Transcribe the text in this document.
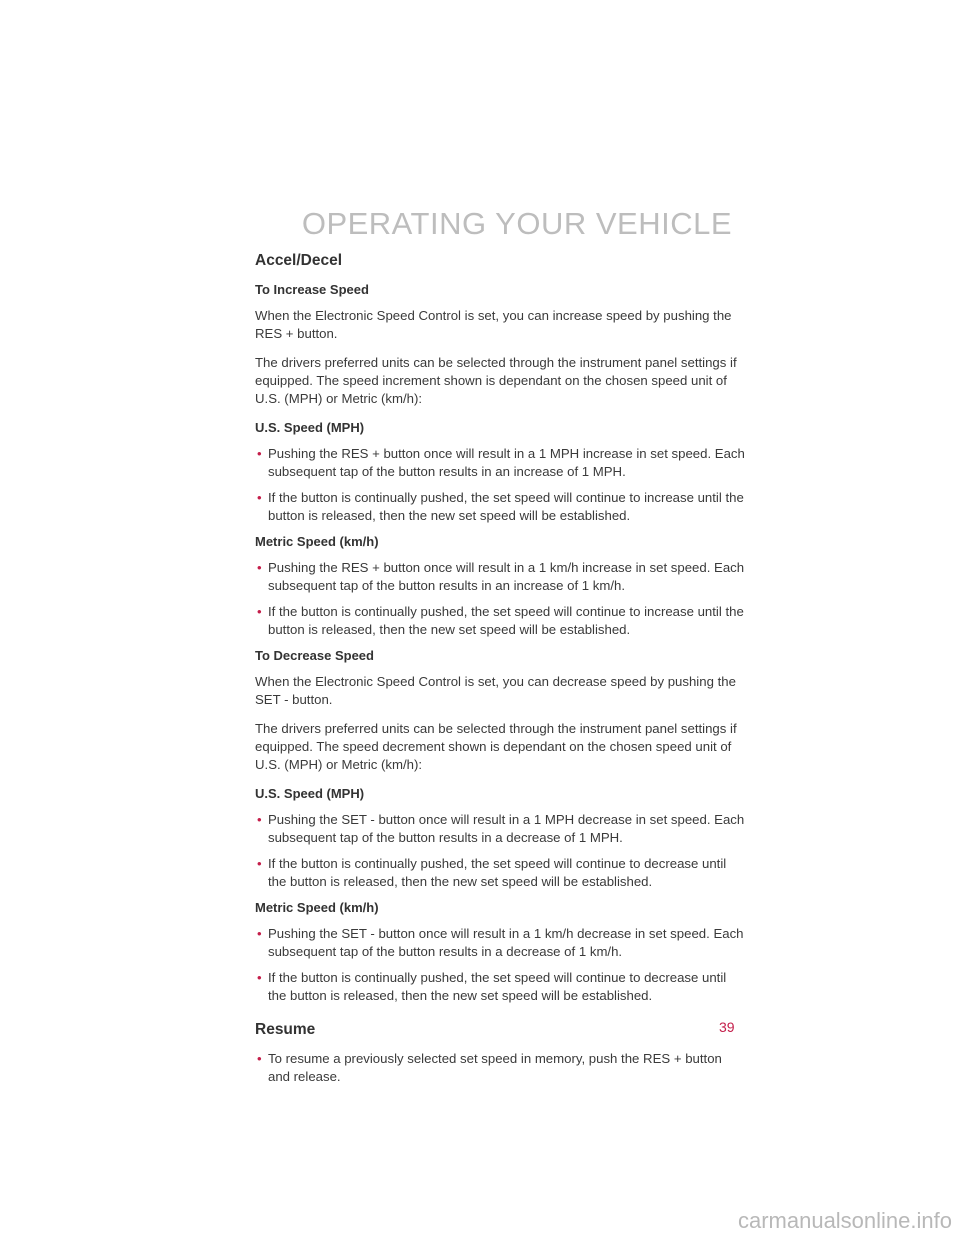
OPERATING YOUR VEHICLE
Accel/Decel
To Increase Speed

When the Electronic Speed Control is set, you can increase speed by pushing the RES + button.

The drivers preferred units can be selected through the instrument panel settings if equipped. The speed increment shown is dependant on the chosen speed unit of U.S. (MPH) or Metric (km/h):

U.S. Speed (MPH)
• Pushing the RES + button once will result in a 1 MPH increase in set speed. Each subsequent tap of the button results in an increase of 1 MPH.
• If the button is continually pushed, the set speed will continue to increase until the button is released, then the new set speed will be established.
Metric Speed (km/h)
• Pushing the RES + button once will result in a 1 km/h increase in set speed. Each subsequent tap of the button results in an increase of 1 km/h.
• If the button is continually pushed, the set speed will continue to increase until the button is released, then the new set speed will be established.
To Decrease Speed

When the Electronic Speed Control is set, you can decrease speed by pushing the SET - button.

The drivers preferred units can be selected through the instrument panel settings if equipped. The speed decrement shown is dependant on the chosen speed unit of U.S. (MPH) or Metric (km/h):

U.S. Speed (MPH)
• Pushing the SET - button once will result in a 1 MPH decrease in set speed. Each subsequent tap of the button results in a decrease of 1 MPH.
• If the button is continually pushed, the set speed will continue to decrease until the button is released, then the new set speed will be established.
Metric Speed (km/h)
• Pushing the SET - button once will result in a 1 km/h decrease in set speed. Each subsequent tap of the button results in a decrease of 1 km/h.
• If the button is continually pushed, the set speed will continue to decrease until the button is released, then the new set speed will be established.
Resume
• To resume a previously selected set speed in memory, push the RES + button and release.
39
carmanualsonline.info
